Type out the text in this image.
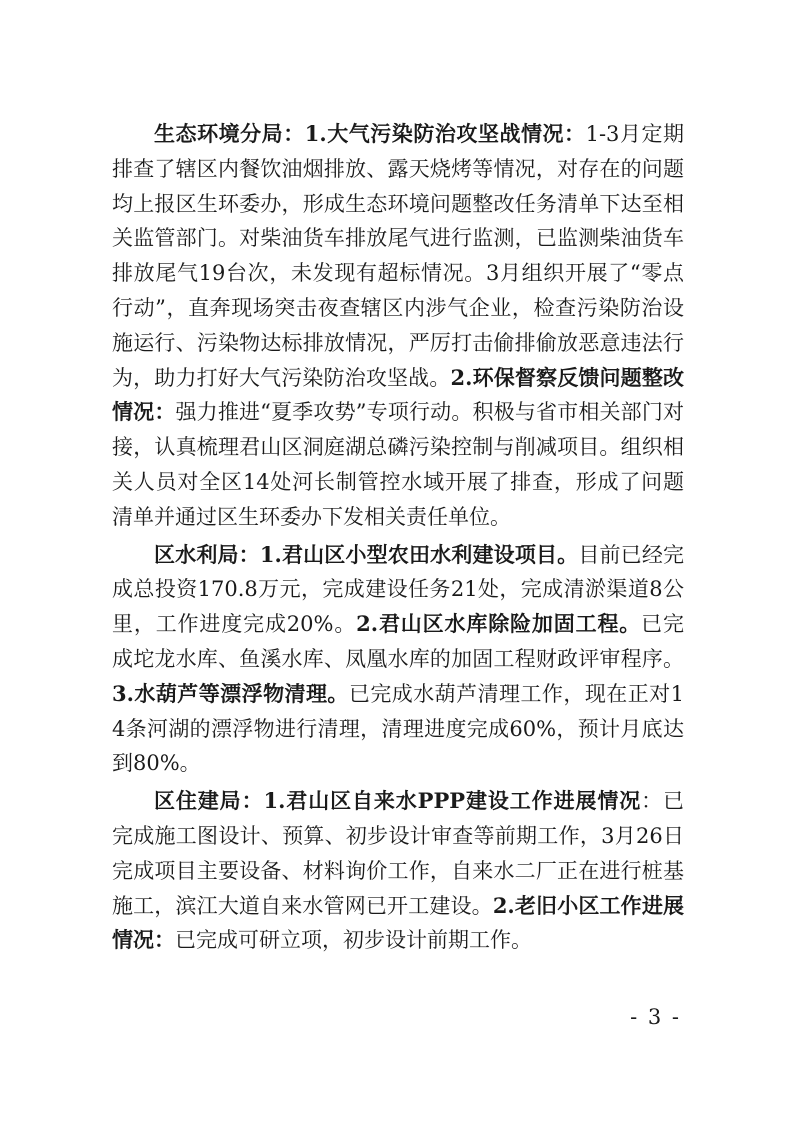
生态环境分局：1.大气污染防治攻坚战情况：1-3月定期排查了辖区内餐饮油烟排放、露天烧烤等情况，对存在的问题均上报区生环委办，形成生态环境问题整改任务清单下达至相关监管部门。对柴油货车排放尾气进行监测，已监测柴油货车排放尾气19台次，未发现有超标情况。3月组织开展了“零点行动”，直奔现场突击夜查辖区内涉气企业，检查污染防治设施运行、污染物达标排放情况，严厉打击偷排偷放恶意违法行为，助力打好大气污染防治攻坚战。2.环保督察反馈问题整改情况：强力推进“夏季攻势”专项行动。积极与省市相关部门对接，认真梳理君山区洞庭湖总磷污染控制与削减项目。组织相关人员对全区14处河长制管控水域开展了排查，形成了问题清单并通过区生环委办下发相关责任单位。

区水利局：1.君山区小型农田水利建设项目。目前已经完成总投资170.8万元，完成建设任务21处，完成清淤渠道8公里，工作进度完成20%。2.君山区水库除险加固工程。已完成坨龙水库、鱼溪水库、凤凰水库的加固工程财政评审程序。3.水葫芦等漂浮物清理。已完成水葫芦清理工作，现在正对14条河湖的漂浮物进行清理，清理进度完成60%，预计月底达到80%。

区住建局：1.君山区自来水PPP建设工作进展情况：已完成施工图设计、预算、初步设计审查等前期工作，3月26日完成项目主要设备、材料询价工作，自来水二厂正在进行桩基施工，滨江大道自来水管网已开工建设。2.老旧小区工作进展情况：已完成可研立项，初步设计前期工作。

- 3 -
